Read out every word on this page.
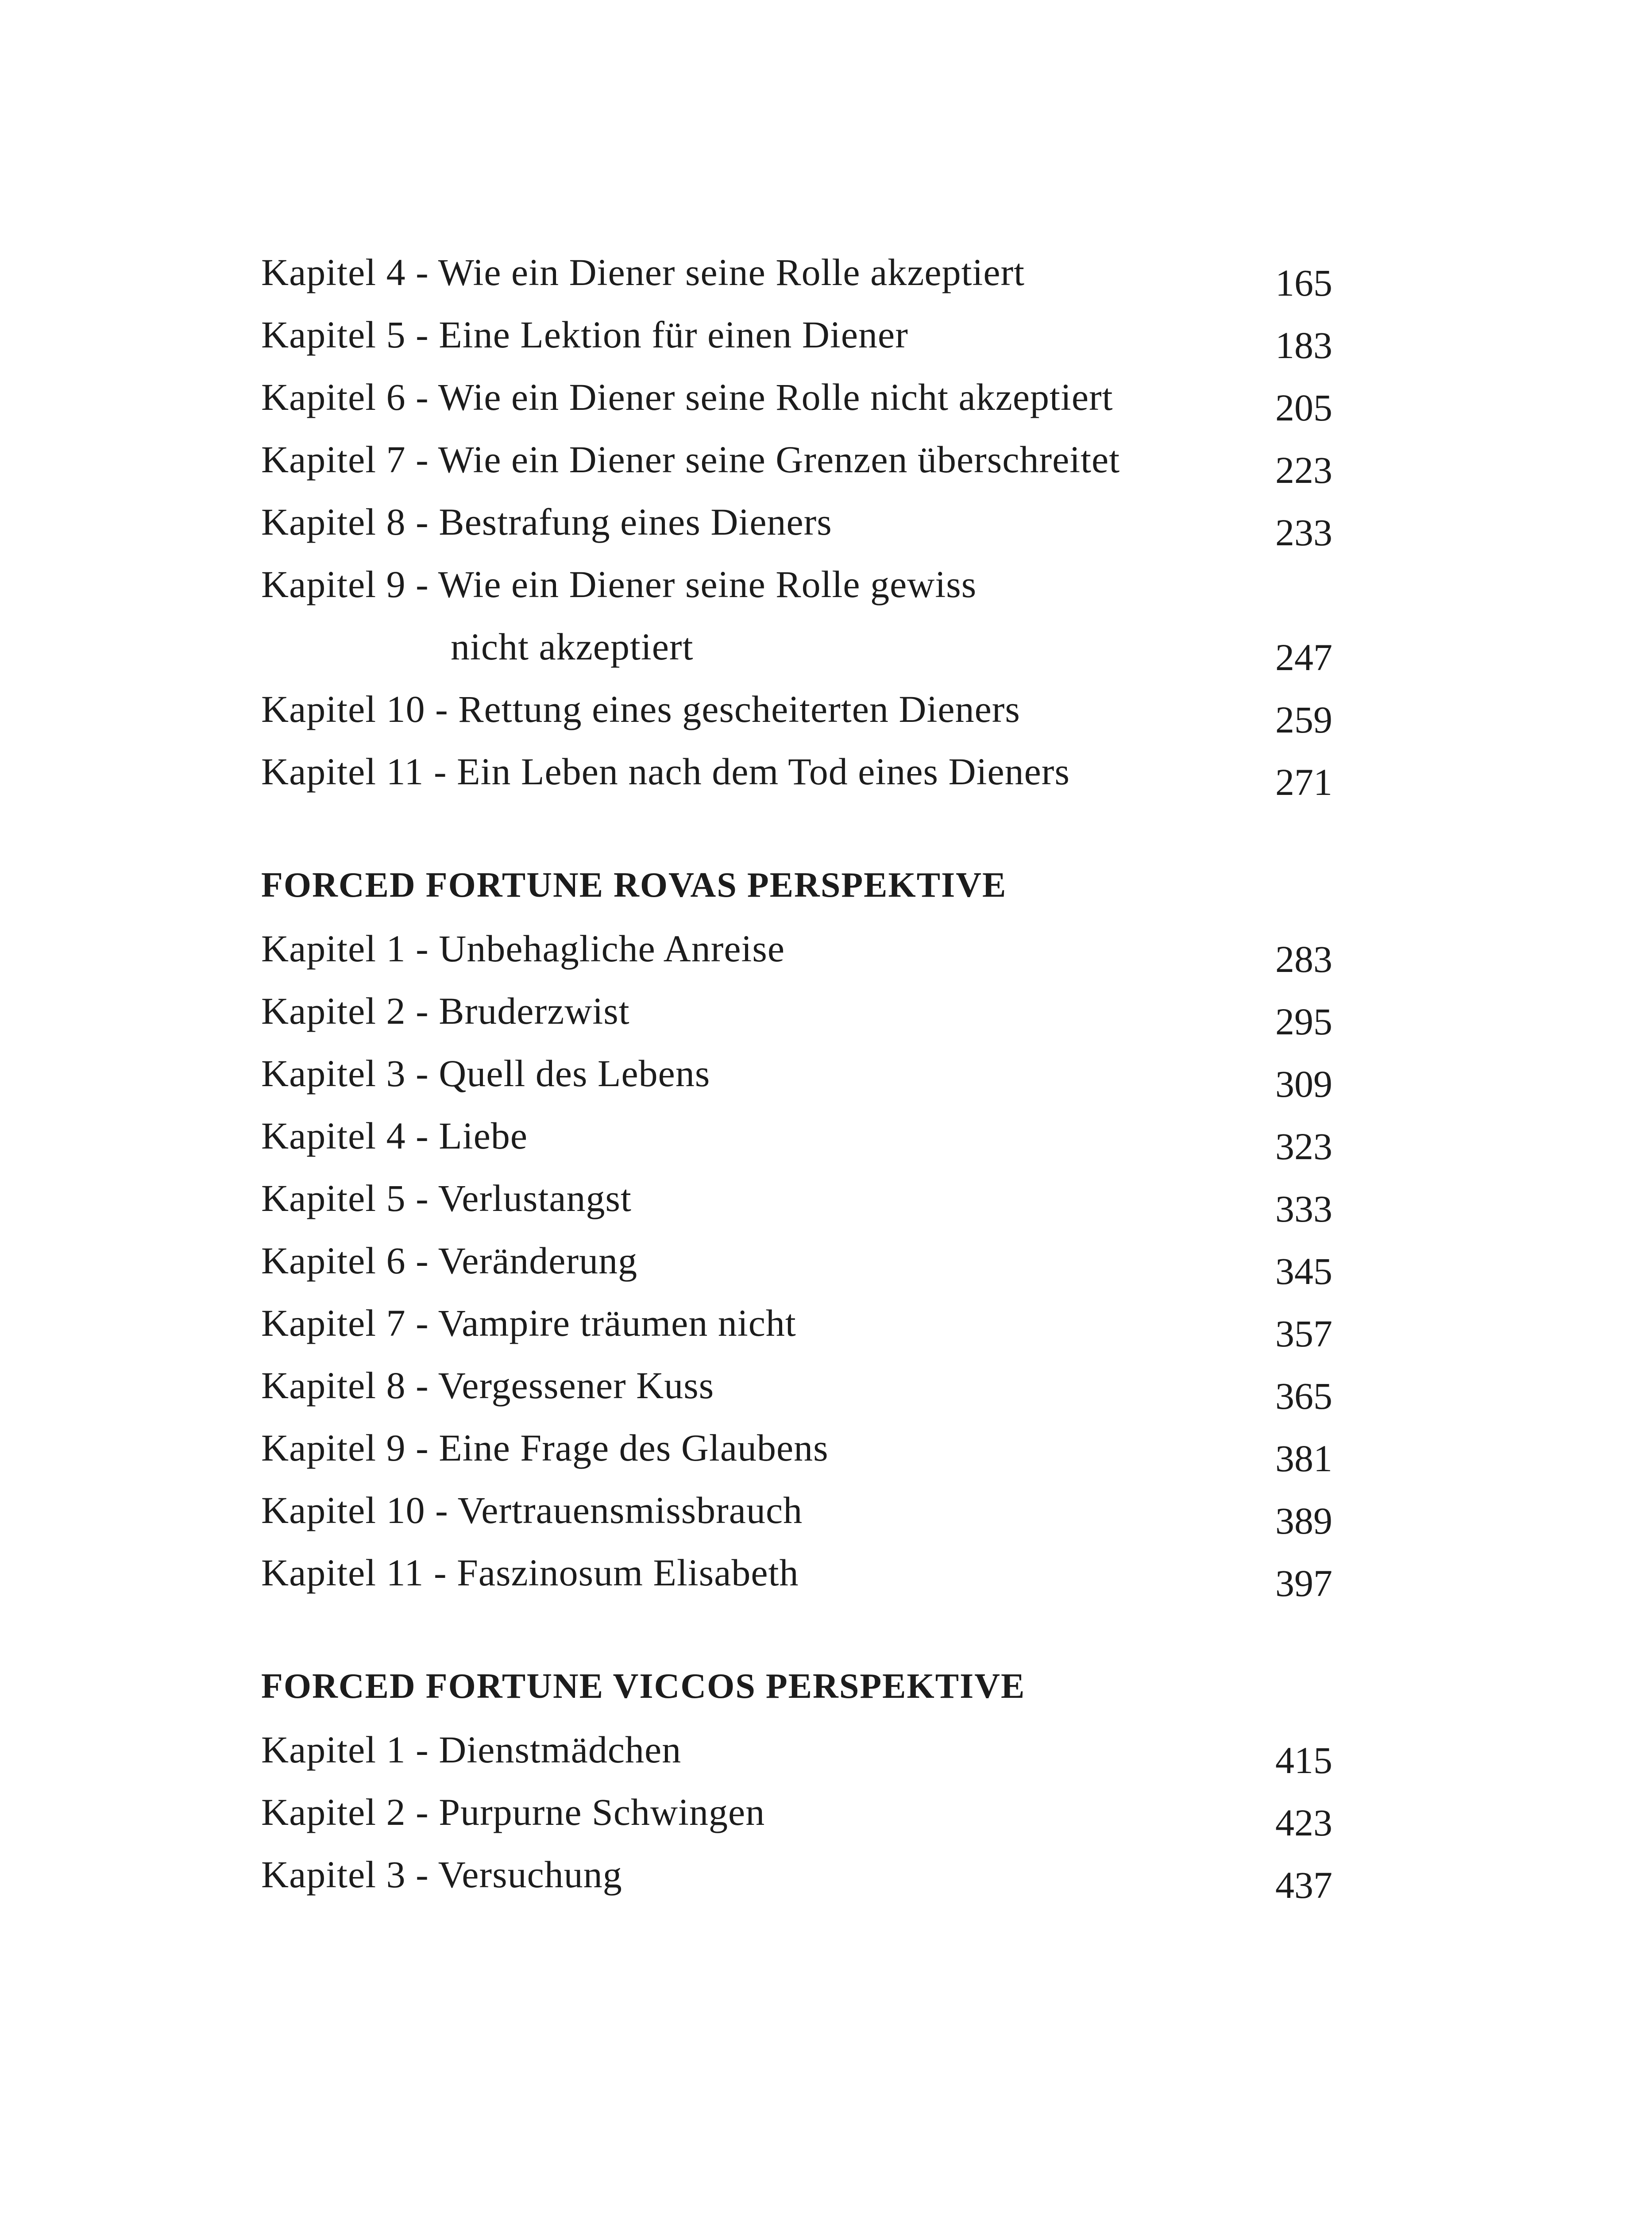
Kapitel 4 - Wie ein Diener seine Rolle akzeptiert	165
Kapitel 5 - Eine Lektion für einen Diener	183
Kapitel 6 - Wie ein Diener seine Rolle nicht akzeptiert	205
Kapitel 7 - Wie ein Diener seine Grenzen überschreitet	223
Kapitel 8 - Bestrafung eines Dieners	233
Kapitel 9 - Wie ein Diener seine Rolle gewiss
nicht akzeptiert	247
Kapitel 10 - Rettung eines gescheiterten Dieners	259
Kapitel 11 - Ein Leben nach dem Tod eines Dieners	271
FORCED FORTUNE ROVAS PERSPEKTIVE
Kapitel 1 - Unbehagliche Anreise	283
Kapitel 2 - Bruderzwist	295
Kapitel 3 - Quell des Lebens	309
Kapitel 4 - Liebe	323
Kapitel 5 - Verlustangst	333
Kapitel 6 - Veränderung	345
Kapitel 7 - Vampire träumen nicht	357
Kapitel 8 - Vergessener Kuss	365
Kapitel 9 - Eine Frage des Glaubens	381
Kapitel 10 - Vertrauensmissbrauch	389
Kapitel 11 - Faszinosum Elisabeth	397
FORCED FORTUNE VICCOS PERSPEKTIVE
Kapitel 1 - Dienstmädchen	415
Kapitel 2 - Purpurne Schwingen	423
Kapitel 3 - Versuchung	437
